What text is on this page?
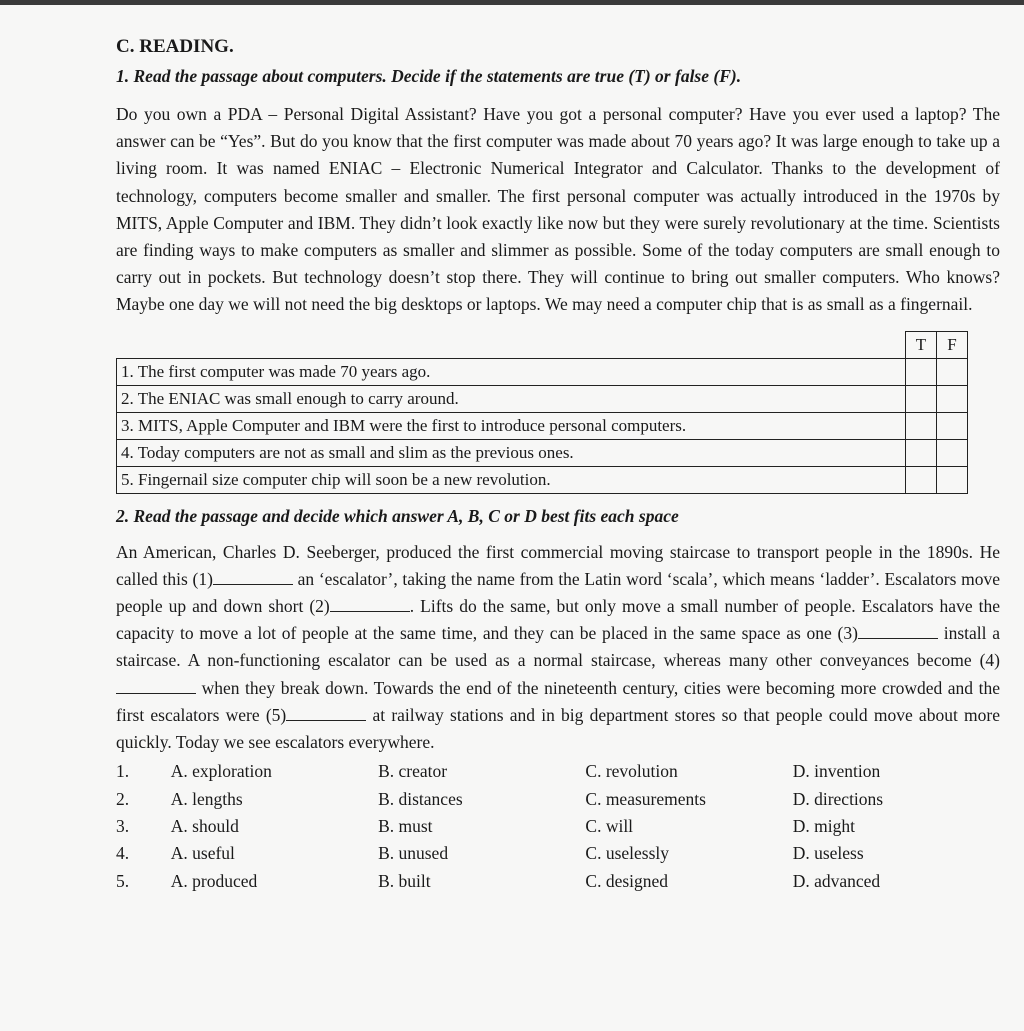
C. READING.

1. Read the passage about computers. Decide if the statements are true (T) or false (F).

Do you own a PDA – Personal Digital Assistant? Have you got a personal computer? Have you ever used a laptop? The answer can be “Yes”. But do you know that the first computer was made about 70 years ago? It was large enough to take up a living room. It was named ENIAC – Electronic Numerical Integrator and Calculator. Thanks to the development of technology, computers become smaller and smaller. The first personal computer was actually introduced in the 1970s by MITS, Apple Computer and IBM. They didn’t look exactly like now but they were surely revolutionary at the time. Scientists are finding ways to make computers as smaller and slimmer as possible. Some of the today computers are small enough to carry out in pockets. But technology doesn’t stop there. They will continue to bring out smaller computers. Who knows? Maybe one day we will not need the big desktops or laptops. We may need a computer chip that is as small as a fingernail.

	T	F
1. The first computer was made 70 years ago.		
2. The ENIAC was small enough to carry around.		
3. MITS, Apple Computer and IBM were the first to introduce personal computers.		
4. Today computers are not as small and slim as the previous ones.		
5. Fingernail size computer chip will soon be a new revolution.		

2. Read the passage and decide which answer A, B, C or D best fits each space

An American, Charles D. Seeberger, produced the first commercial moving staircase to transport people in the 1890s. He called this (1)	an ‘escalator’, taking the name from the Latin word ‘scala’, which means ‘ladder’. Escalators move people up and down short (2)	. Lifts do the same, but only move a small number of people. Escalators have the capacity to move a lot of people at the same time, and they can be placed in the same space as one (3)	install a staircase. A non-functioning escalator can be used as a normal staircase, whereas many other conveyances become (4) when they break down. Towards the end of the nineteenth century, cities were becoming more crowded and the first escalators were (5)	at railway stations and in big department stores so that people could move about more quickly. Today we see escalators everywhere.

1.	A. exploration	B. creator	C. revolution	D. invention
2.	A. lengths	B. distances	C. measurements	D. directions
3.	A. should	B. must	C. will	D. might
4.	A. useful	B. unused	C. uselessly	D. useless
5.	A. produced	B. built	C. designed	D. advanced
